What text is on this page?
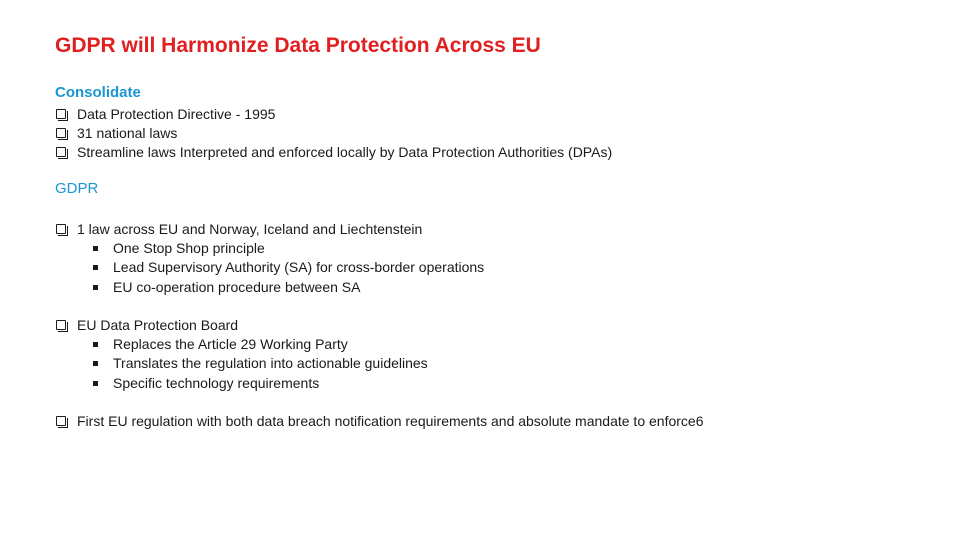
GDPR will Harmonize Data Protection Across EU
Consolidate
Data Protection Directive - 1995
31 national laws
Streamline laws Interpreted and enforced locally by Data Protection Authorities (DPAs)
GDPR
1 law across EU and Norway, Iceland and Liechtenstein
One Stop Shop principle
Lead Supervisory Authority (SA) for cross-border operations
EU co-operation procedure between SA
EU Data Protection Board
Replaces the Article 29 Working Party
Translates the regulation into actionable guidelines
Specific technology requirements
First EU regulation with both data breach notification requirements and absolute mandate to enforce6
